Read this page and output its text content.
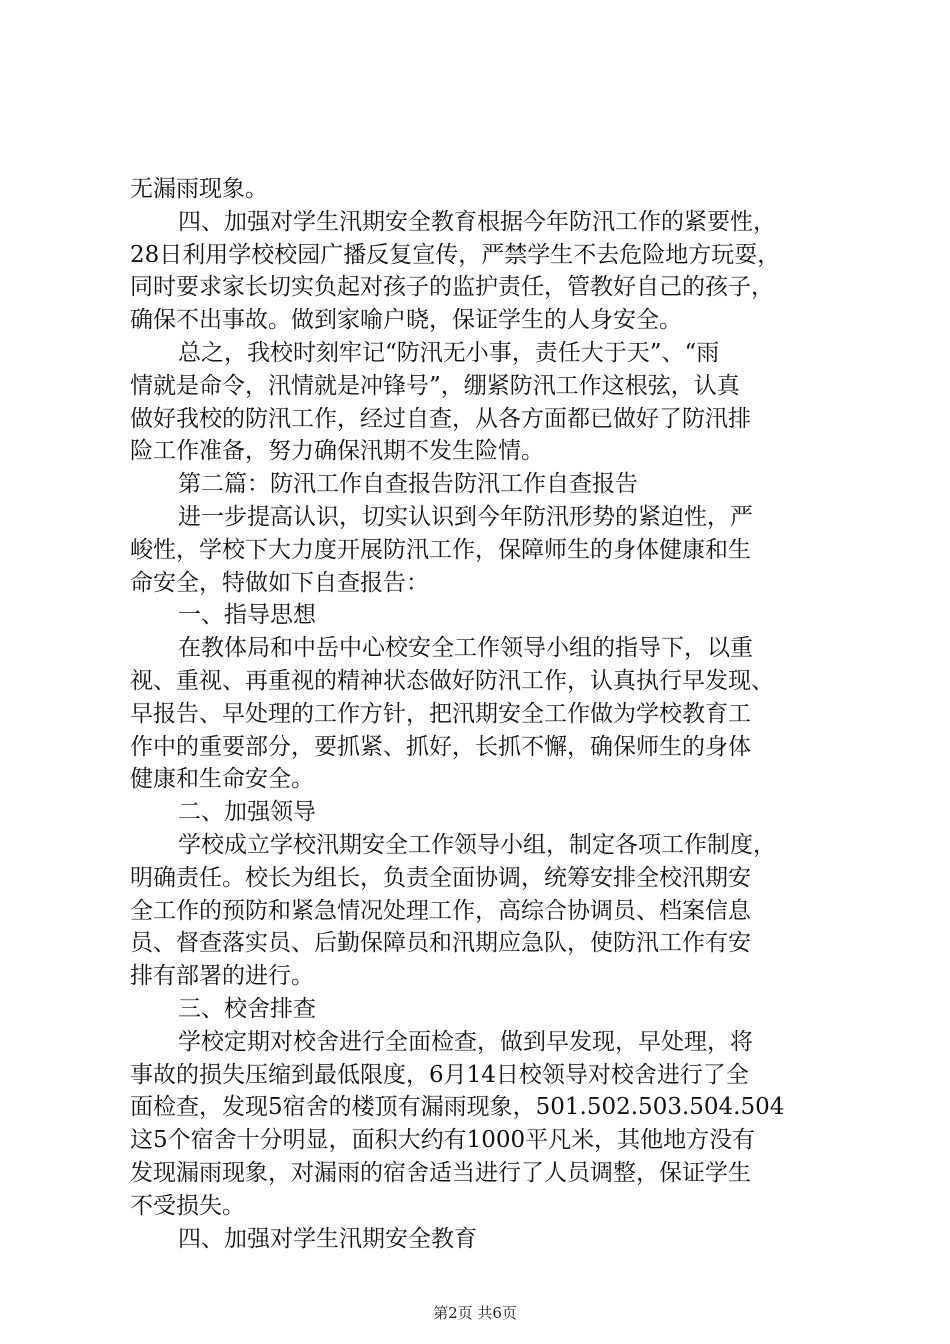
无漏雨现象。
四、加强对学生汛期安全教育根据今年防汛工作的紧要性，
28日利用学校校园广播反复宣传，严禁学生不去危险地方玩耍，
同时要求家长切实负起对孩子的监护责任，管教好自己的孩子，
确保不出事故。做到家喻户晓，保证学生的人身安全。
总之，我校时刻牢记“防汛无小事，责任大于天”、“雨
情就是命令，汛情就是冲锋号”，绷紧防汛工作这根弦，认真
做好我校的防汛工作，经过自查，从各方面都已做好了防汛排
险工作准备，努力确保汛期不发生险情。
第二篇：防汛工作自查报告防汛工作自查报告
进一步提高认识，切实认识到今年防汛形势的紧迫性，严
峻性，学校下大力度开展防汛工作，保障师生的身体健康和生
命安全，特做如下自查报告：
一、指导思想
在教体局和中岳中心校安全工作领导小组的指导下，以重
视、重视、再重视的精神状态做好防汛工作，认真执行早发现、
早报告、早处理的工作方针，把汛期安全工作做为学校教育工
作中的重要部分，要抓紧、抓好，长抓不懈，确保师生的身体
健康和生命安全。
二、加强领导
学校成立学校汛期安全工作领导小组，制定各项工作制度，
明确责任。校长为组长，负责全面协调，统筹安排全校汛期安
全工作的预防和紧急情况处理工作，高综合协调员、档案信息
员、督查落实员、后勤保障员和汛期应急队，使防汛工作有安
排有部署的进行。
三、校舍排查
学校定期对校舍进行全面检查，做到早发现，早处理，将
事故的损失压缩到最低限度，6月14日校领导对校舍进行了全
面检查，发现5宿舍的楼顶有漏雨现象，501.502.503.504.504
这5个宿舍十分明显，面积大约有1000平凡米，其他地方没有
发现漏雨现象，对漏雨的宿舍适当进行了人员调整，保证学生
不受损失。
四、加强对学生汛期安全教育
第2页 共6页
